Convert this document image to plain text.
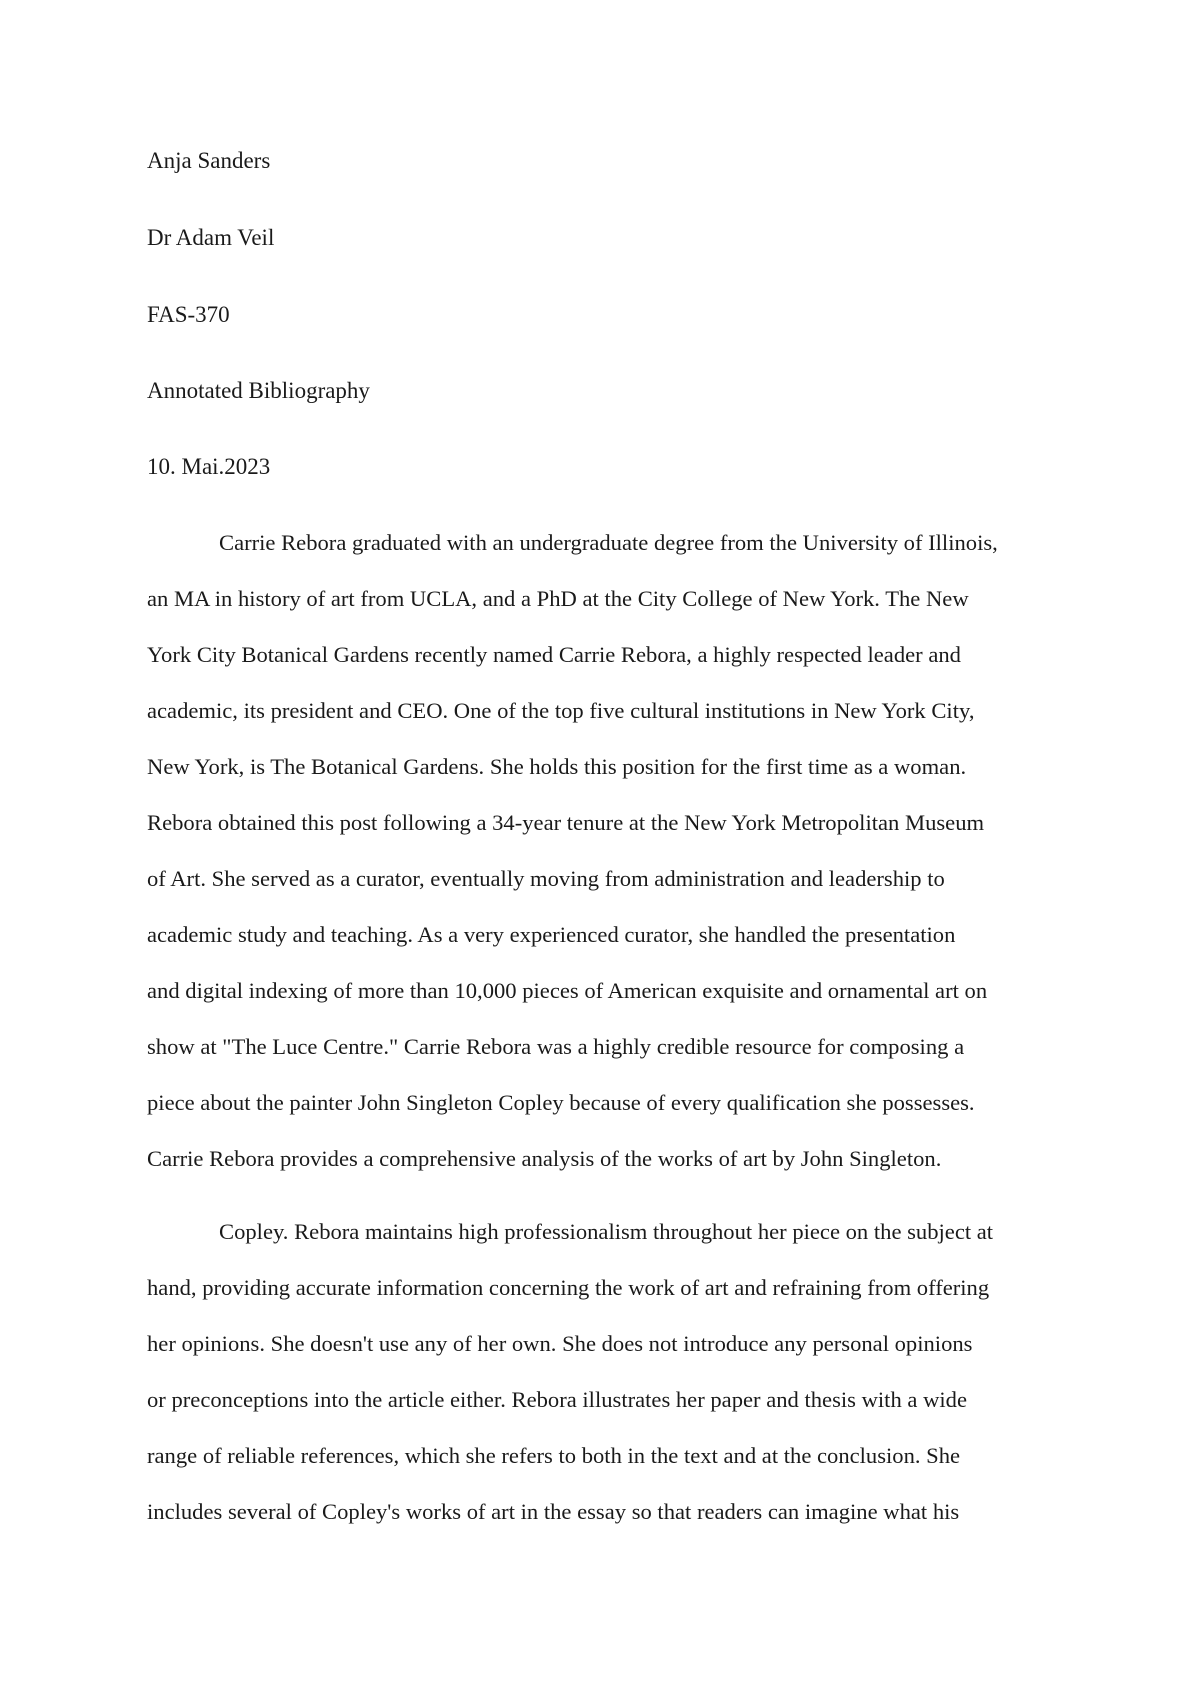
Anja Sanders
Dr Adam Veil
FAS-370
Annotated Bibliography
10. Mai.2023
Carrie Rebora graduated with an undergraduate degree from the University of Illinois,
an MA in history of art from UCLA, and a PhD at the City College of New York. The New
York City Botanical Gardens recently named Carrie Rebora, a highly respected leader and
academic, its president and CEO. One of the top five cultural institutions in New York City,
New York, is The Botanical Gardens. She holds this position for the first time as a woman.
Rebora obtained this post following a 34-year tenure at the New York Metropolitan Museum
of Art. She served as a curator, eventually moving from administration and leadership to
academic study and teaching. As a very experienced curator, she handled the presentation
and digital indexing of more than 10,000 pieces of American exquisite and ornamental art on
show at "The Luce Centre." Carrie Rebora was a highly credible resource for composing a
piece about the painter John Singleton Copley because of every qualification she possesses.
Carrie Rebora provides a comprehensive analysis of the works of art by John Singleton.
Copley. Rebora maintains high professionalism throughout her piece on the subject at
hand, providing accurate information concerning the work of art and refraining from offering
her opinions. She doesn't use any of her own. She does not introduce any personal opinions
or preconceptions into the article either. Rebora illustrates her paper and thesis with a wide
range of reliable references, which she refers to both in the text and at the conclusion. She
includes several of Copley's works of art in the essay so that readers can imagine what his
